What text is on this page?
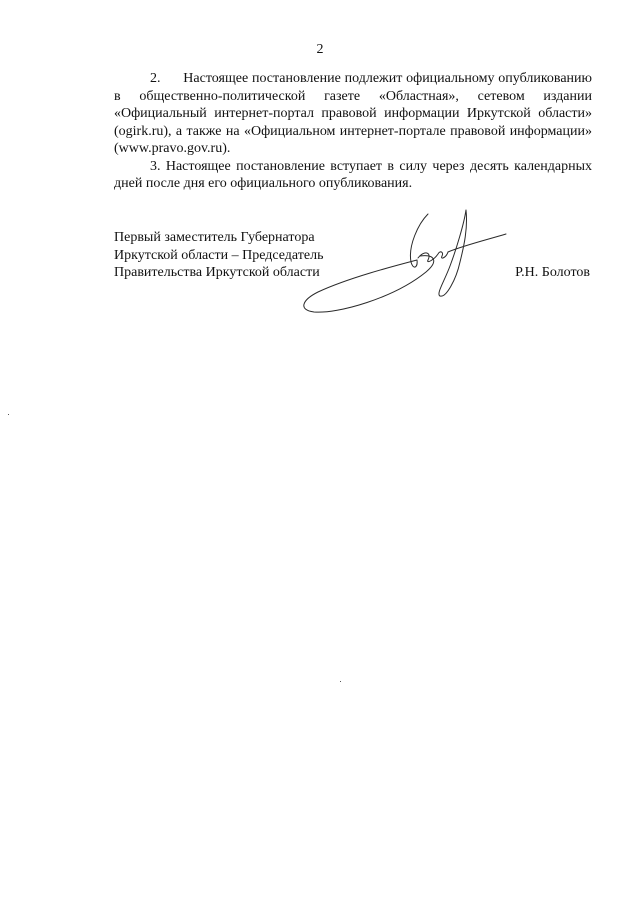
2

2.      Настоящее постановление подлежит официальному опубликованию в общественно-политической газете «Областная», сетевом издании «Официальный интернет-портал правовой информации Иркутской области» (ogirk.ru), а также на «Официальном интернет-портале правовой информации» (www.pravo.gov.ru).

3. Настоящее постановление вступает в силу через десять календарных дней после дня его официального опубликования.

Первый заместитель Губернатора
Иркутской области – Председатель
Правительства Иркутской области	Р.Н. Болотов
